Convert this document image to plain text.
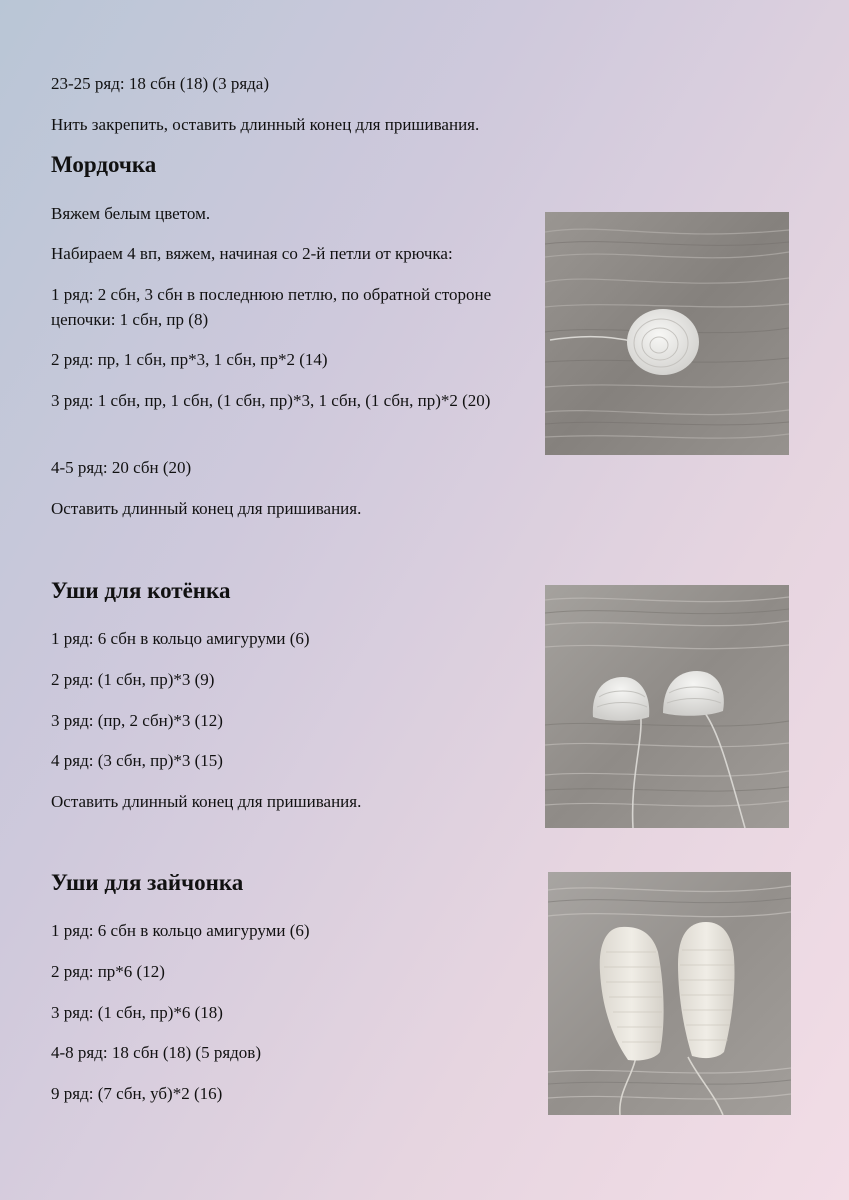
23-25 ряд: 18 сбн (18) (3 ряда)

Нить закрепить, оставить длинный конец для пришивания.

Мордочка

Вяжем белым цветом.

Набираем 4 вп, вяжем, начиная со 2-й петли от крючка:

1 ряд: 2 сбн, 3 сбн в последнюю петлю, по обратной стороне цепочки: 1 сбн, пр (8)

2 ряд: пр, 1 сбн, пр*3, 1 сбн, пр*2 (14)

3 ряд: 1 сбн, пр, 1 сбн, (1 сбн, пр)*3, 1 сбн, (1 сбн, пр)*2 (20)

4-5 ряд: 20 сбн (20)

Оставить длинный конец для пришивания.

Уши для котёнка

1 ряд: 6 сбн в кольцо амигуруми (6)

2 ряд: (1 сбн, пр)*3 (9)

3 ряд: (пр, 2 сбн)*3 (12)

4 ряд: (3 сбн, пр)*3 (15)

Оставить длинный конец для пришивания.

Уши для зайчонка

1 ряд: 6 сбн в кольцо амигуруми (6)

2 ряд: пр*6 (12)

3 ряд: (1 сбн, пр)*6 (18)

4-8 ряд: 18 сбн (18) (5 рядов)

9 ряд: (7 сбн, уб)*2 (16)
